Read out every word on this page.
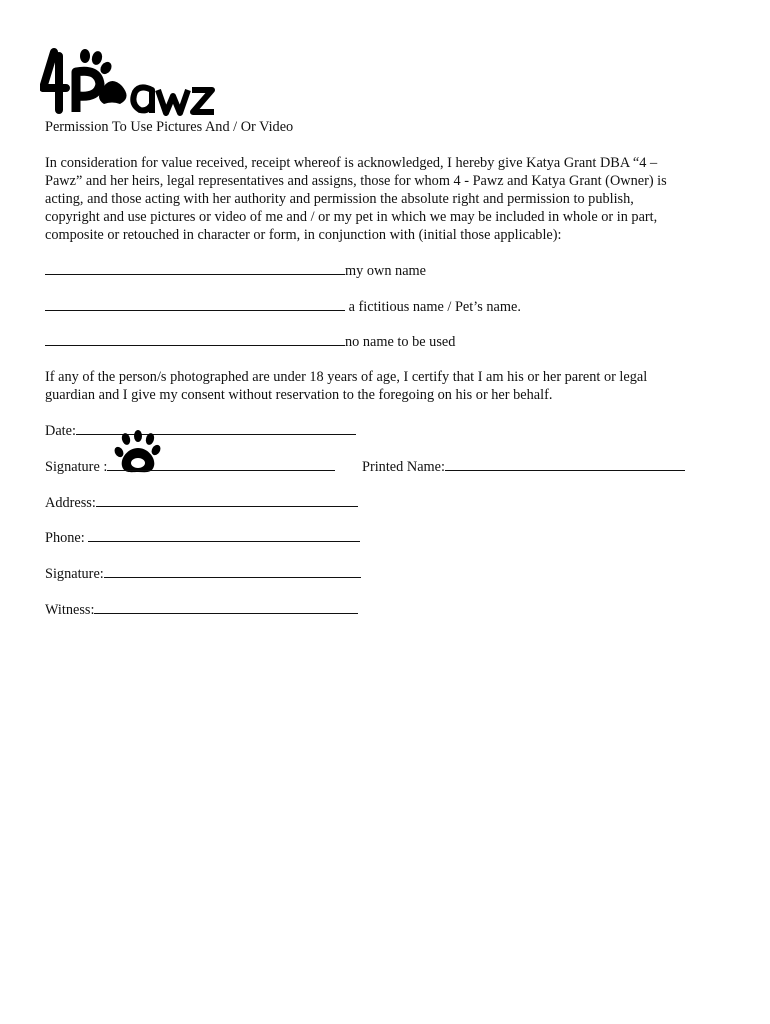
Permission To Use Pictures And / Or Video
In consideration for value received, receipt whereof is acknowledged, I hereby give Katya Grant DBA “4 –
Pawz” and her heirs, legal representatives and assigns, those for whom 4 - Pawz and Katya Grant (Owner) is
acting, and those acting with her authority and permission the absolute right and permission to publish,
copyright and use pictures or video of me and / or my pet in which we may be included in whole or in part,
composite or retouched in character or form, in conjunction with (initial those applicable):
my own name
a fictitious name / Pet’s name.
no name to be used
If any of the person/s photographed are under 18 years of age, I certify that I am his or her parent or legal
guardian and I give my consent without reservation to the foregoing on his or her behalf.
Date:
Signature :	Printed Name:
Address:
Phone:
Signature:
Witness:
